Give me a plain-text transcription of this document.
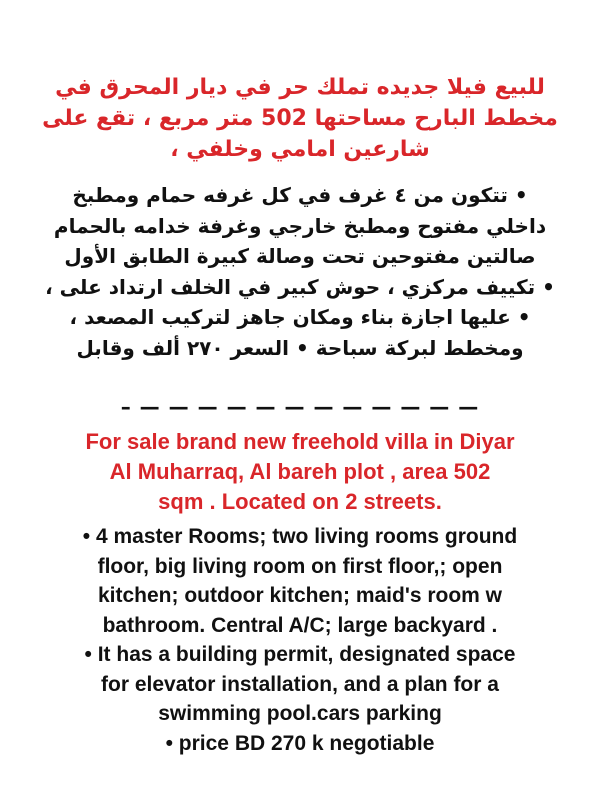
للبيع فيلا جديده تملك حر في ديار المحرق في
مخطط البارح مساحتها 502 متر مربع ، تقع على
شارعين امامي وخلفي ،
• تتكون من ٤ غرف في كل غرفه حمام ومطبخ
داخلي مفتوح ومطبخ خارجي وغرفة خدامه بالحمام
صالتين مفتوحين تحت وصالة كبيرة الطابق الأول
• تكييف مركزي ، حوش كبير في الخلف ارتداد على ،
• عليها اجازة بناء ومكان جاهز لتركيب المصعد ،
ومخطط لبركة سباحة • السعر ٢٧٠ ألف وقابل
– — — — — — — — — — — — —
For sale brand new freehold villa in Diyar
Al Muharraq, Al bareh plot , area 502
sqm . Located on 2 streets.
• 4 master Rooms; two living rooms ground
floor, big living room on first floor,; open
kitchen; outdoor kitchen; maid's room w
bathroom. Central A/C; large backyard .
• It has a building permit, designated space
for elevator installation, and a plan for a
swimming pool.cars parking
• price BD 270 k negotiable
